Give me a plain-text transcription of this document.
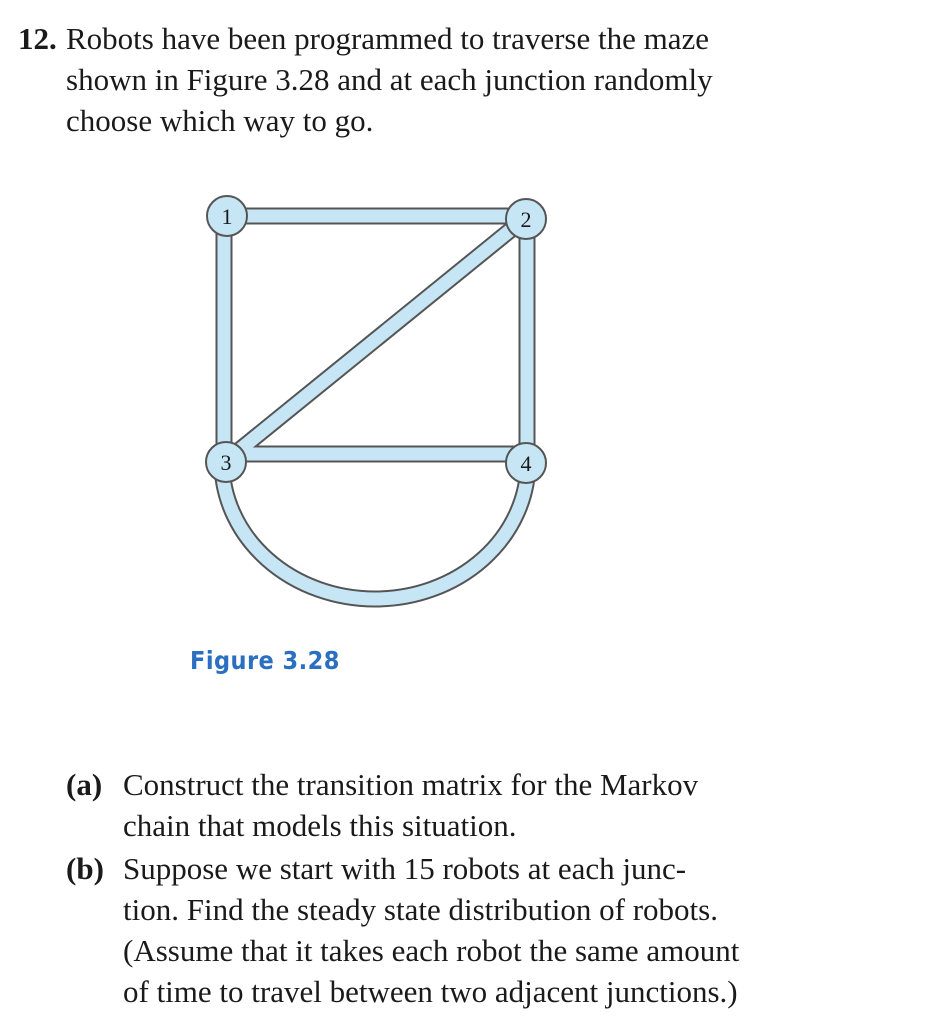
12. Robots have been programmed to traverse the maze
shown in Figure 3.28 and at each junction randomly
choose which way to go.
1	2
3	4
Figure 3.28
(a) Construct the transition matrix for the Markov
chain that models this situation.
(b) Suppose we start with 15 robots at each junc-
tion. Find the steady state distribution of robots.
(Assume that it takes each robot the same amount
of time to travel between two adjacent junctions.)
